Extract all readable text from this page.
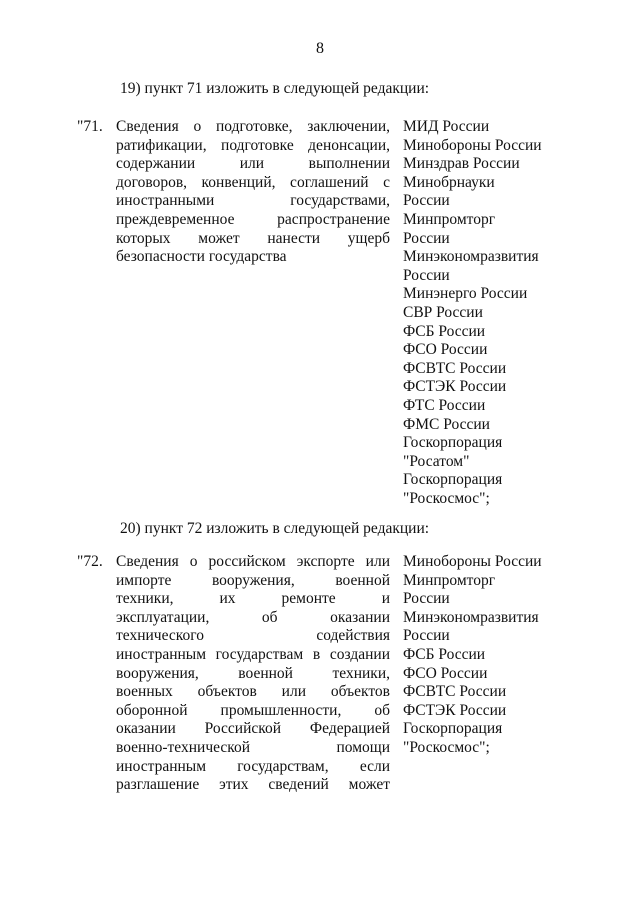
8
19) пункт 71 изложить в следующей редакции:
"71. Сведения о подготовке, заключении,
ратификации, подготовке денонсации,
содержании или выполнении
договоров, конвенций, соглашений с
иностранными государствами,
преждевременное распространение
которых может нанести ущерб
безопасности государства
МИД России
Минобороны России
Минздрав России
Минобрнауки
России
Минпромторг
России
Минэкономразвития
России
Минэнерго России
СВР России
ФСБ России
ФСО России
ФСВТС России
ФСТЭК России
ФТС России
ФМС России
Госкорпорация
"Росатом"
Госкорпорация
"Роскосмос";
20) пункт 72 изложить в следующей редакции:
"72. Сведения о российском экспорте или
импорте вооружения, военной
техники, их ремонте и
эксплуатации, об оказании
технического содействия
иностранным государствам в создании
вооружения, военной техники,
военных объектов или объектов
оборонной промышленности, об
оказании Российской Федерацией
военно-технической помощи
иностранным государствам, если
разглашение этих сведений может
Минобороны России
Минпромторг
России
Минэкономразвития
России
ФСБ России
ФСО России
ФСВТС России
ФСТЭК России
Госкорпорация
"Роскосмос";
